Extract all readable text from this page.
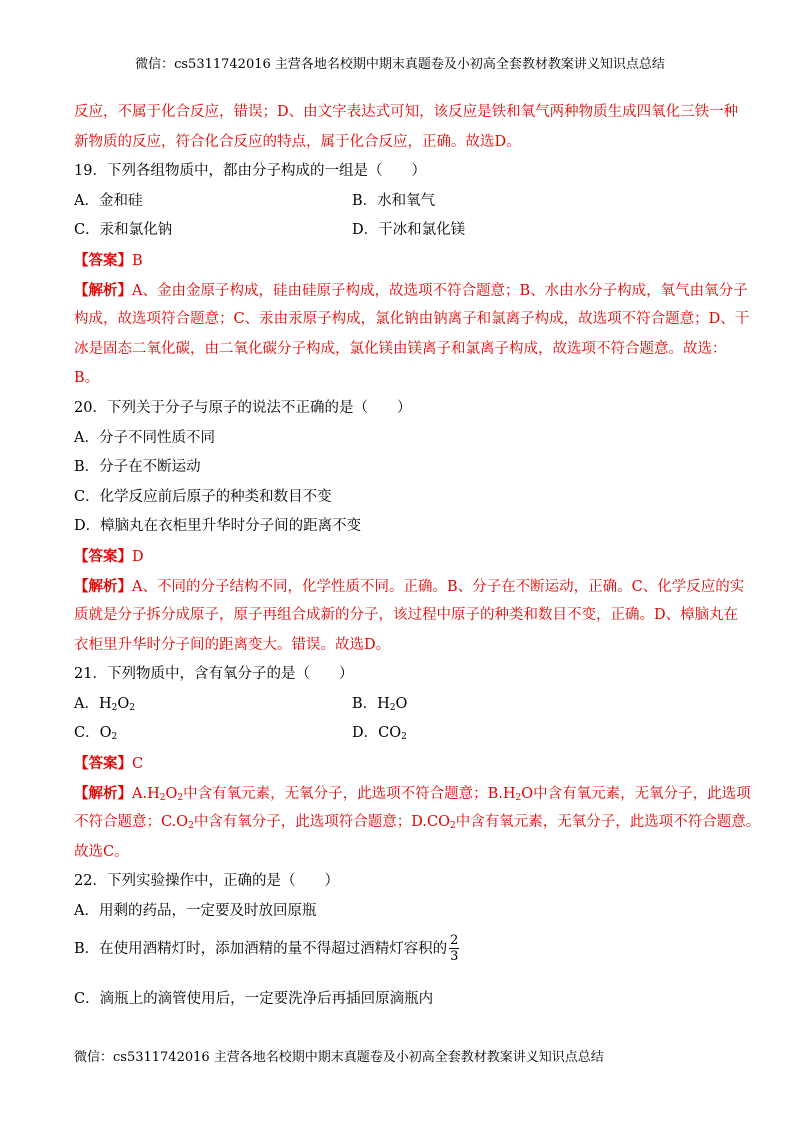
微信：cs5311742016 主营各地名校期中期末真题卷及小初高全套教材教案讲义知识点总结
反应，不属于化合反应，错误；D、由文字表达式可知，该反应是铁和氧气两种物质生成四氧化三铁一种
新物质的反应，符合化合反应的特点，属于化合反应，正确。故选D。
19．下列各组物质中，都由分子构成的一组是（　　）
A．金和硅	B．水和氧气
C．汞和氯化钠	D．干冰和氯化镁
【答案】B
【解析】A、金由金原子构成，硅由硅原子构成，故选项不符合题意；B、水由水分子构成，氧气由氧分子
构成，故选项符合题意；C、汞由汞原子构成，氯化钠由钠离子和氯离子构成，故选项不符合题意；D、干
冰是固态二氧化碳，由二氧化碳分子构成，氯化镁由镁离子和氯离子构成，故选项不符合题意。故选：
B。
20．下列关于分子与原子的说法不正确的是（　　）
A．分子不同性质不同
B．分子在不断运动
C．化学反应前后原子的种类和数目不变
D．樟脑丸在衣柜里升华时分子间的距离不变
【答案】D
【解析】A、不同的分子结构不同，化学性质不同。正确。B、分子在不断运动，正确。C、化学反应的实
质就是分子拆分成原子，原子再组合成新的分子，该过程中原子的种类和数目不变，正确。D、樟脑丸在
衣柜里升华时分子间的距离变大。错误。故选D。
21．下列物质中，含有氧分子的是（　　）
A．$H_2O_2$	B．$H_2O$
C．$O_2$	D．$CO_2$
【答案】C
【解析】$A.H_2O_2$中含有氧元素，无氧分子，此选项不符合题意；$B.H_2O$中含有氧元素，无氧分子，此选项
不符合题意；$C.O_2$中含有氧分子，此选项符合题意；$D.CO_2$中含有氧元素，无氧分子，此选项不符合题意。
故选C。
22．下列实验操作中，正确的是（　　）
A．用剩的药品，一定要及时放回原瓶
B．在使用酒精灯时，添加酒精的量不得超过酒精灯容积的 $\frac{2}{3}$
C．滴瓶上的滴管使用后，一定要洗净后再插回原滴瓶内
微信：cs5311742016 主营各地名校期中期末真题卷及小初高全套教材教案讲义知识点总结
